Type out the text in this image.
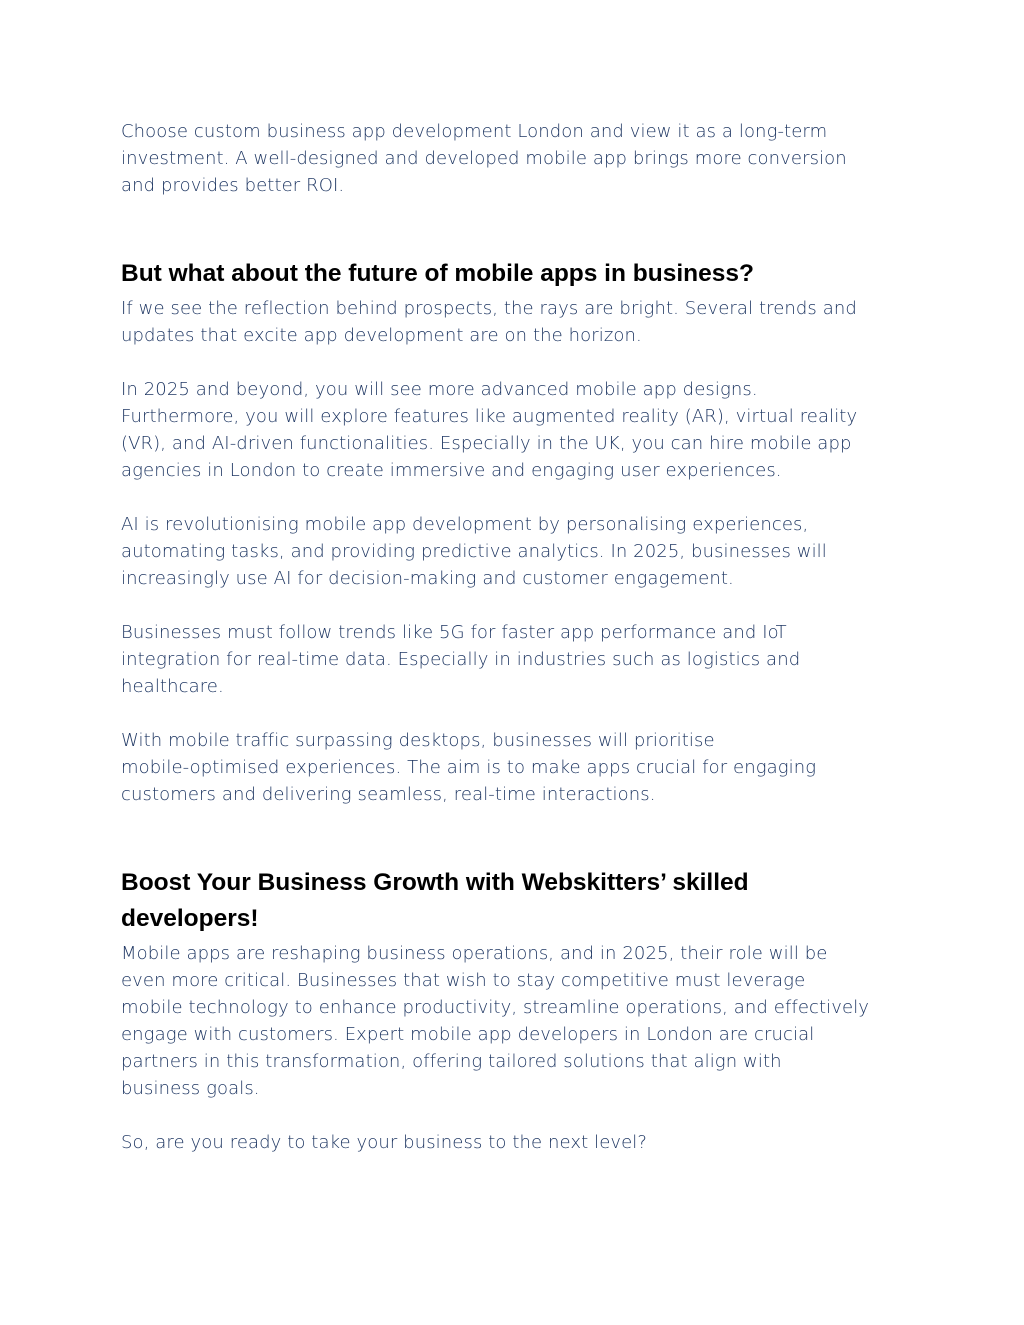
Choose custom business app development London and view it as a long-term
investment. A well-designed and developed mobile app brings more conversion
and provides better ROI.

But what about the future of mobile apps in business?

If we see the reflection behind prospects, the rays are bright. Several trends and
updates that excite app development are on the horizon.

In 2025 and beyond, you will see more advanced mobile app designs.
Furthermore, you will explore features like augmented reality (AR), virtual reality
(VR), and AI-driven functionalities. Especially in the UK, you can hire mobile app
agencies in London to create immersive and engaging user experiences.

AI is revolutionising mobile app development by personalising experiences,
automating tasks, and providing predictive analytics. In 2025, businesses will
increasingly use AI for decision-making and customer engagement.

Businesses must follow trends like 5G for faster app performance and IoT
integration for real-time data. Especially in industries such as logistics and
healthcare.

With mobile traffic surpassing desktops, businesses will prioritise
mobile-optimised experiences. The aim is to make apps crucial for engaging
customers and delivering seamless, real-time interactions.

Boost Your Business Growth with Webskitters’ skilled
developers!

Mobile apps are reshaping business operations, and in 2025, their role will be
even more critical. Businesses that wish to stay competitive must leverage
mobile technology to enhance productivity, streamline operations, and effectively
engage with customers. Expert mobile app developers in London are crucial
partners in this transformation, offering tailored solutions that align with
business goals.

So, are you ready to take your business to the next level?
